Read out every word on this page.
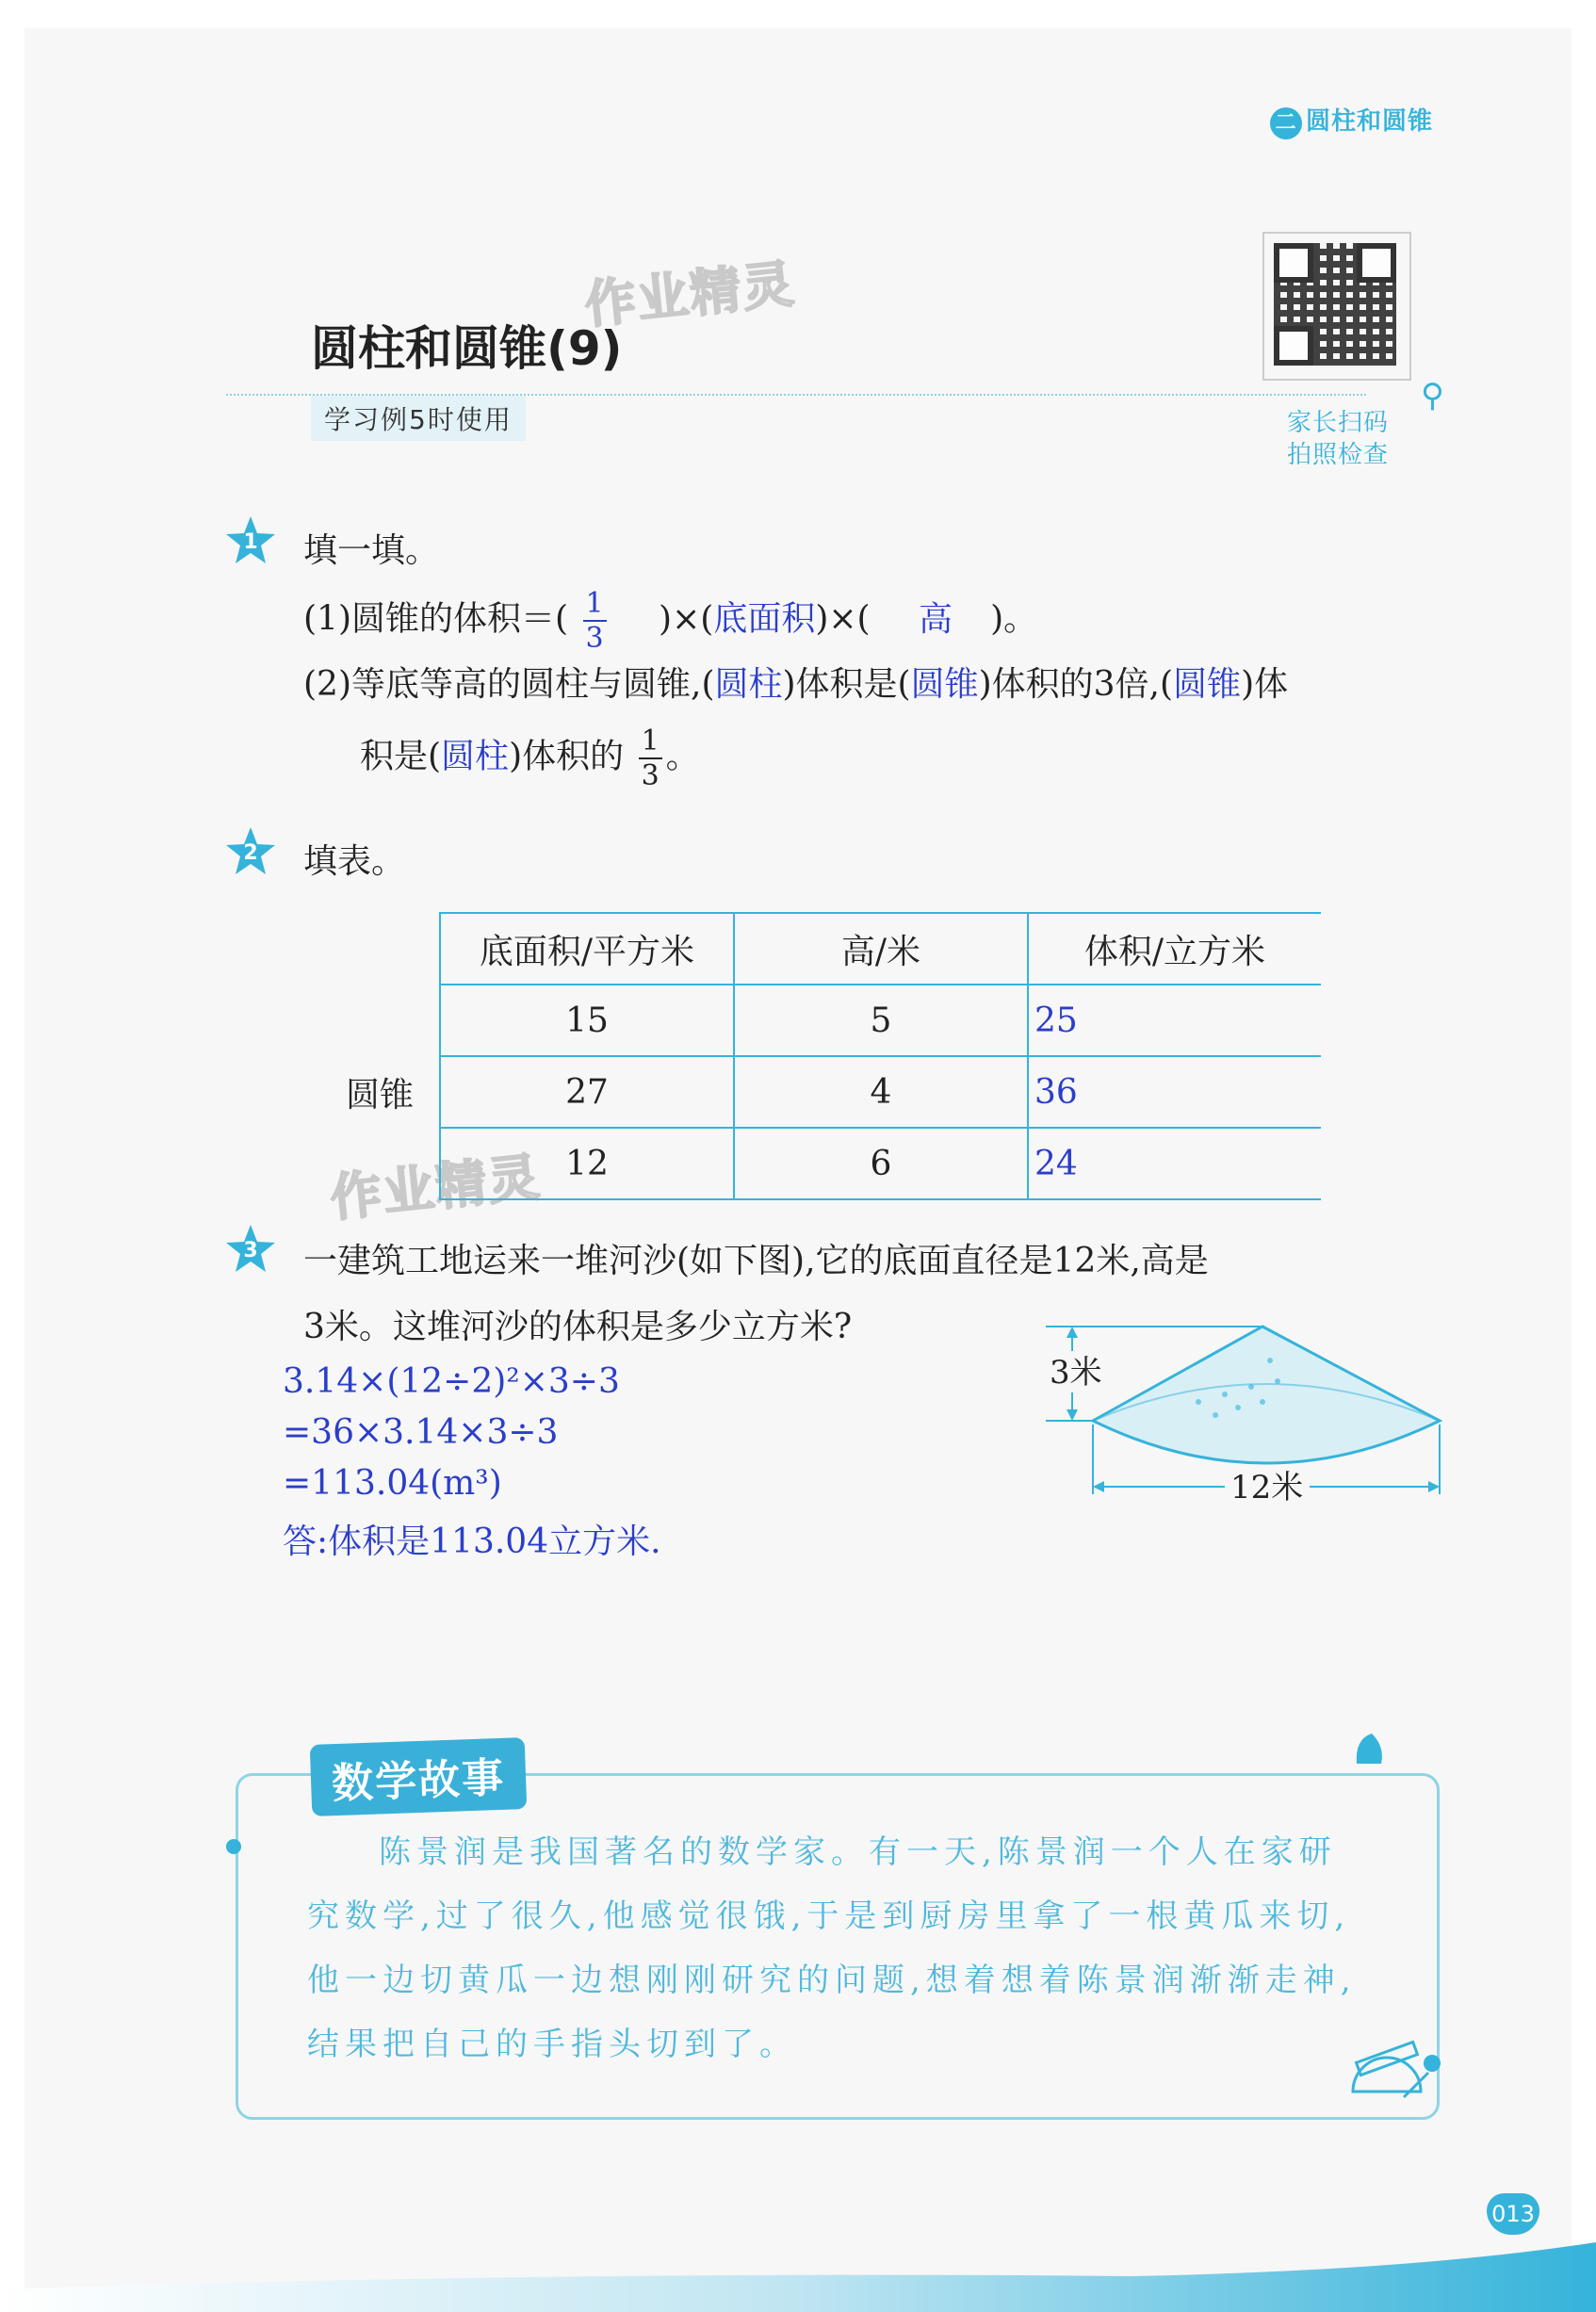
二 圆柱和圆锥
作业精灵
作业精灵
圆柱和圆锥(9)
学习例5时使用
⚲
家长扫码
拍照检查
1 填一填。
(1)圆锥的体积＝( $\frac{1}{3}$ )×(底面积)×( 高 )。
(2)等底等高的圆柱与圆锥,(圆柱)体积是(圆锥)体积的3倍,(圆锥)体
积是(圆柱)体积的 $\frac{1}{3}$ 。
2 填表。
	底面积/平方米	高/米	体积/立方米
圆锥	15	5	25
	27	4	36
	12	6	24
3 一建筑工地运来一堆河沙(如下图),它的底面直径是12米,高是
3米。这堆河沙的体积是多少立方米?
3.14×(12÷2)²×3÷3
=36×3.14×3÷3
=113.04(m³)
答:体积是113.04立方米.
3米
12米
数学故事
陈景润是我国著名的数学家。有一天,陈景润一个人在家研
究数学,过了很久,他感觉很饿,于是到厨房里拿了一根黄瓜来切,
他一边切黄瓜一边想刚刚研究的问题,想着想着陈景润渐渐走神,
结果把自己的手指头切到了。
013
